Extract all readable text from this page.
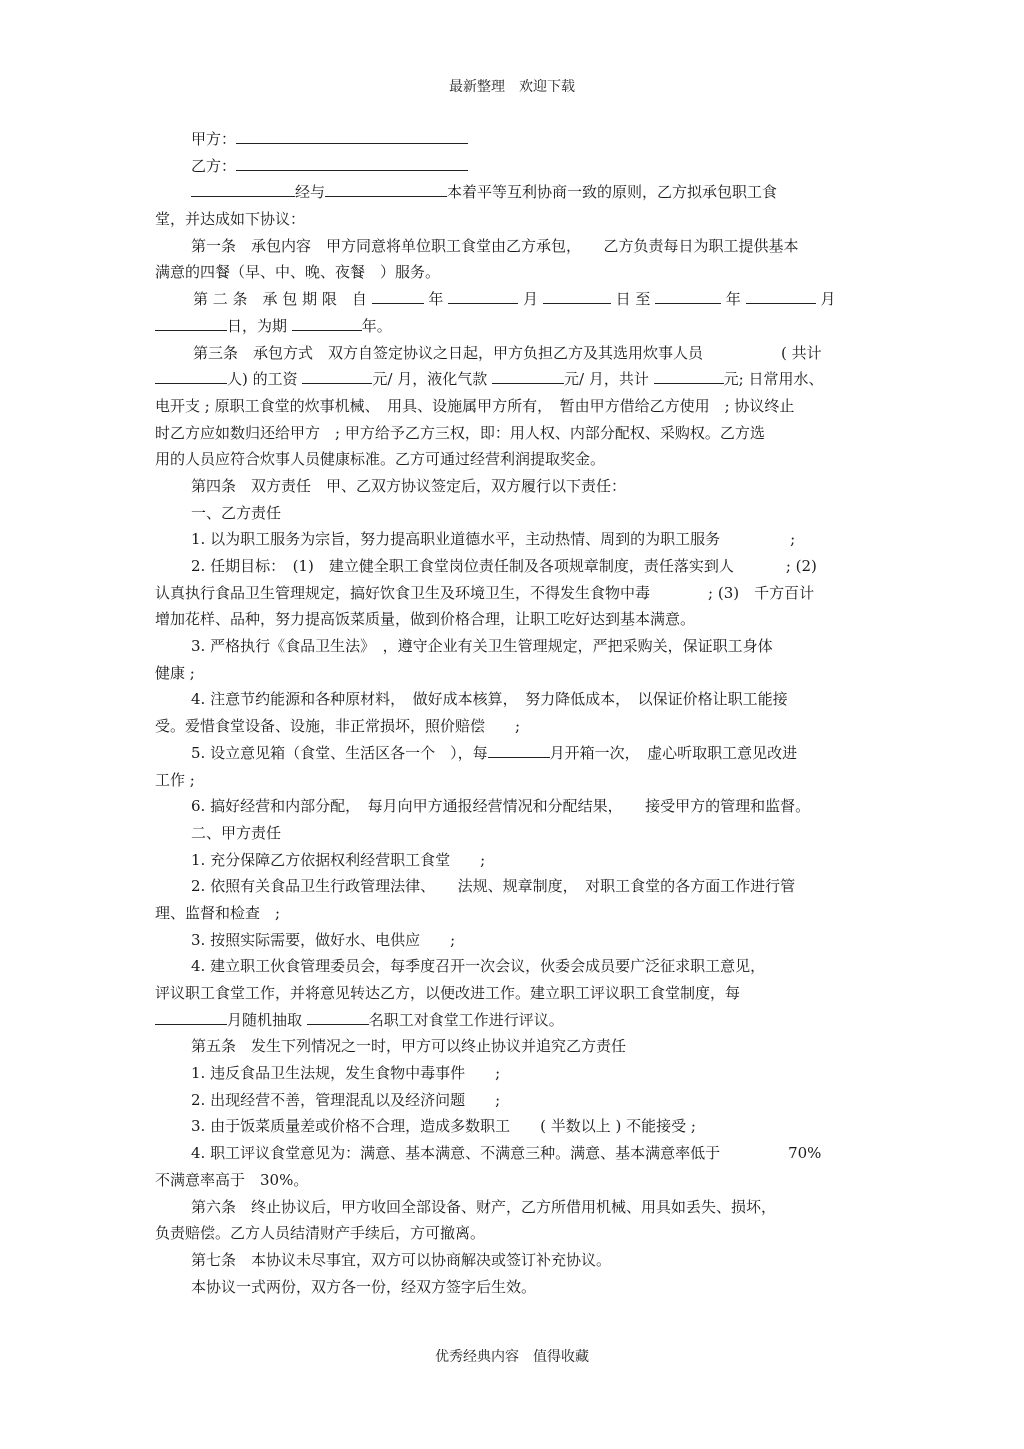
最新整理　欢迎下载
甲方：
乙方：
经与	本着平等互利协商一致的原则，乙方拟承包职工食
堂，并达成如下协议：
第一条　承包内容　甲方同意将单位职工食堂由乙方承包，　　乙方负责每日为职工提供基本
满意的四餐（早、中、晚、夜餐　）服务。
第 二 条　承 包 期 限　自	年	月	日 至	年	月
日，为期	年。
第三条　承包方式　双方自签定协议之日起，甲方负担乙方及其选用炊事人员	( 共计
人) 的工资	元/ 月，液化气款	元/ 月，共计	元; 日常用水、
电开支 ; 原职工食堂的炊事机械、　用具、设施属甲方所有，　暂由甲方借给乙方使用　; 协议终止
时乙方应如数归还给甲方　; 甲方给予乙方三权，即：用人权、内部分配权、采购权。乙方选
用的人员应符合炊事人员健康标准。乙方可通过经营利润提取奖金。
第四条　双方责任　甲、乙双方协议签定后，双方履行以下责任：
一、乙方责任
1. 以为职工服务为宗旨，努力提高职业道德水平，主动热情、周到的为职工服务	;
2. 任期目标：　(1)　建立健全职工食堂岗位责任制及各项规章制度，责任落实到人	; (2)
认真执行食品卫生管理规定，搞好饮食卫生及环境卫生，不得发生食物中毒	; (3)　千方百计
增加花样、品种，努力提高饭菜质量，做到价格合理，让职工吃好达到基本满意。
3. 严格执行《食品卫生法》　，遵守企业有关卫生管理规定，严把采购关，保证职工身体
健康 ;
4. 注意节约能源和各种原材料，　做好成本核算，　努力降低成本，　以保证价格让职工能接
受。爱惜食堂设备、设施，非正常损坏，照价赔偿　　;
5. 设立意见箱（食堂、生活区各一个　），每	月开箱一次，　虚心听取职工意见改进
工作 ;
6. 搞好经营和内部分配，　每月向甲方通报经营情况和分配结果，　　接受甲方的管理和监督。
二、甲方责任
1. 充分保障乙方依据权利经营职工食堂　　;
2. 依照有关食品卫生行政管理法律、　　法规、规章制度，　对职工食堂的各方面工作进行管
理、监督和检查　;
3. 按照实际需要，做好水、电供应　　;
4. 建立职工伙食管理委员会，每季度召开一次会议，伙委会成员要广泛征求职工意见，
评议职工食堂工作，并将意见转达乙方，以便改进工作。建立职工评议职工食堂制度，每
月随机抽取	名职工对食堂工作进行评议。
第五条　发生下列情况之一时，甲方可以终止协议并追究乙方责任
1. 违反食品卫生法规，发生食物中毒事件　　;
2. 出现经营不善，管理混乱以及经济问题　　;
3. 由于饭菜质量差或价格不合理，造成多数职工　　( 半数以上 ) 不能接受 ;
4. 职工评议食堂意见为：满意、基本满意、不满意三种。满意、基本满意率低于	70%
不满意率高于　30%。
第六条　终止协议后，甲方收回全部设备、财产，乙方所借用机械、用具如丢失、损坏，
负责赔偿。乙方人员结清财产手续后，方可撤离。
第七条　本协议未尽事宜，双方可以协商解决或签订补充协议。
本协议一式两份，双方各一份，经双方签字后生效。
优秀经典内容　值得收藏
